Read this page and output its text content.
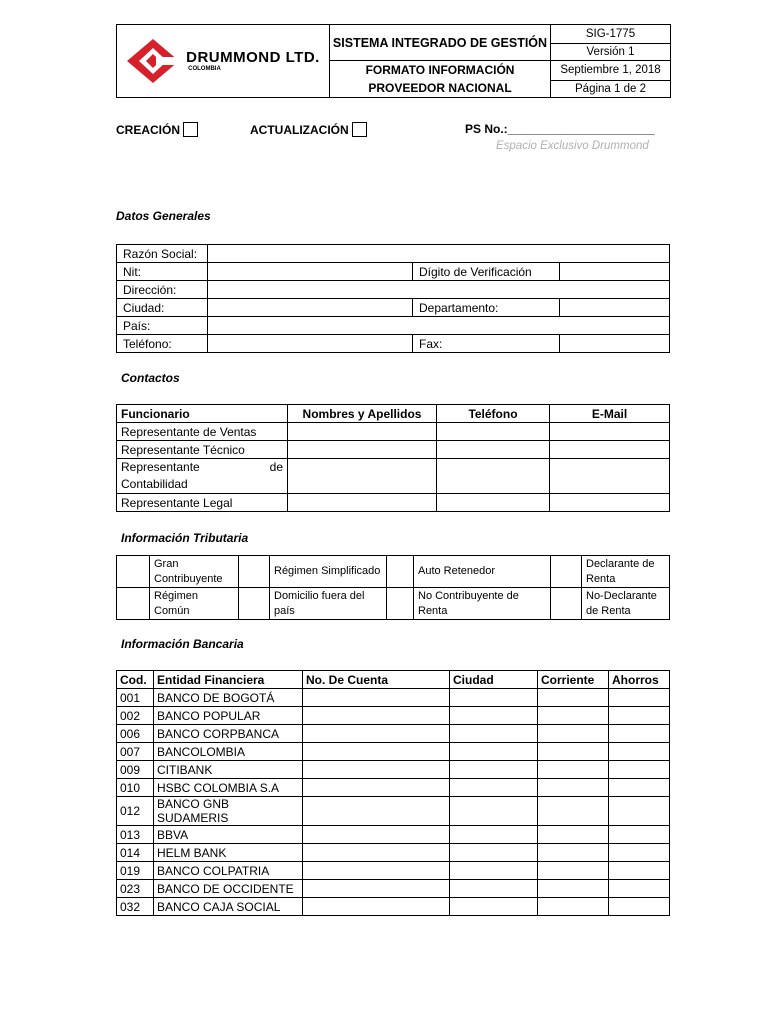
DRUMMOND LTD.
COLOMBIA	SISTEMA INTEGRADO DE GESTIÓN	SIG-1775
		Versión 1

	FORMATO INFORMACIÓN
PROVEEDOR NACIONAL	Septiembre 1, 2018
		Página 1 de 2
CREACIÓN	ACTUALIZACIÓN	PS No.:______________________
Espacio Exclusivo Drummond
Datos Generales
Razón Social:			
Nit:		Dígito de Verificación	
Dirección:			
Ciudad:		Departamento:	
País:			
Teléfono:		Fax:	
Contactos
Funcionario	Nombres y Apellidos	Teléfono	E-Mail
Representante de Ventas			
Representante Técnico			

Representante de
Contabilidad			

Representante Legal			
Información Tributaria
	Gran Contribuyente		Régimen Simplificado		Auto Retenedor		Declarante de Renta
	Régimen Común		Domicilio fuera del país		No Contribuyente de Renta		No-Declarante de Renta
Información Bancaria
Cod.	Entidad Financiera	No. De Cuenta	Ciudad	Corriente	Ahorros
001	BANCO DE BOGOTÁ				
002	BANCO POPULAR				
006	BANCO CORPBANCA				
007	BANCOLOMBIA				
009	CITIBANK				
010	HSBC COLOMBIA S.A				
012	BANCO GNB SUDAMERIS				
013	BBVA				
014	HELM BANK				
019	BANCO COLPATRIA				
023	BANCO DE OCCIDENTE				
032	BANCO CAJA SOCIAL				
